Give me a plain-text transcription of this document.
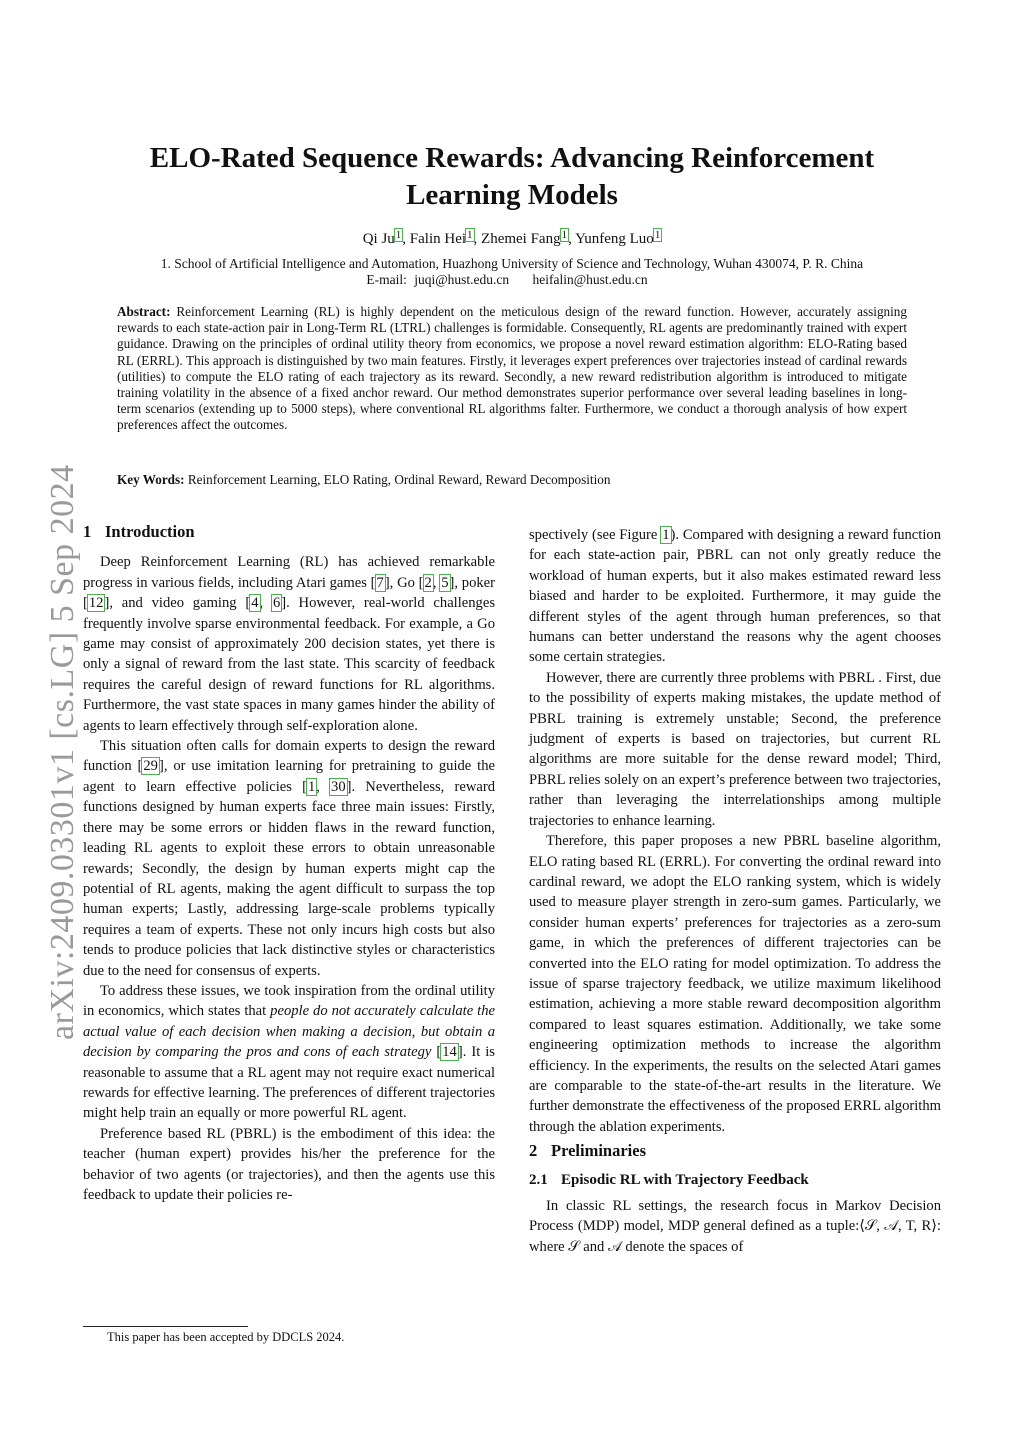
arXiv:2409.03301v1 [cs.LG] 5 Sep 2024
ELO-Rated Sequence Rewards: Advancing Reinforcement Learning Models
Qi Ju$^1$, Falin Hei$^1$, Zhemei Fang$^1$, Yunfeng Luo$^1$
1. School of Artificial Intelligence and Automation, Huazhong University of Science and Technology, Wuhan 430074, P. R. China
E-mail: juqi@hust.edu.cn heifalin@hust.edu.cn
Abstract: Reinforcement Learning (RL) is highly dependent on the meticulous design of the reward function. However, accurately assigning rewards to each state-action pair in Long-Term RL (LTRL) challenges is formidable. Consequently, RL agents are predominantly trained with expert guidance. Drawing on the principles of ordinal utility theory from economics, we propose a novel reward estimation algorithm: ELO-Rating based RL (ERRL). This approach is distinguished by two main features. Firstly, it leverages expert preferences over trajectories instead of cardinal rewards (utilities) to compute the ELO rating of each trajectory as its reward. Secondly, a new reward redistribution algorithm is introduced to mitigate training volatility in the absence of a fixed anchor reward. Our method demonstrates superior performance over several leading baselines in long-term scenarios (extending up to 5000 steps), where conventional RL algorithms falter. Furthermore, we conduct a thorough analysis of how expert preferences affect the outcomes.
Key Words: Reinforcement Learning, ELO Rating, Ordinal Reward, Reward Decomposition
1 Introduction

Deep Reinforcement Learning (RL) has achieved remarkable progress in various fields, including Atari games [7], Go [2, 5], poker [12], and video gaming [4, 6]. However, real-world challenges frequently involve sparse environmental feedback. For example, a Go game may consist of approximately 200 decision states, yet there is only a signal of reward from the last state. This scarcity of feedback requires the careful design of reward functions for RL algorithms. Furthermore, the vast state spaces in many games hinder the ability of agents to learn effectively through self-exploration alone.

This situation often calls for domain experts to design the reward function [29], or use imitation learning for pretraining to guide the agent to learn effective policies [1, 30]. Nevertheless, reward functions designed by human experts face three main issues: Firstly, there may be some errors or hidden flaws in the reward function, leading RL agents to exploit these errors to obtain unreasonable rewards; Secondly, the design by human experts might cap the potential of RL agents, making the agent difficult to surpass the top human experts; Lastly, addressing large-scale problems typically requires a team of experts. These not only incurs high costs but also tends to produce policies that lack distinctive styles or characteristics due to the need for consensus of experts.

To address these issues, we took inspiration from the ordinal utility in economics, which states that people do not accurately calculate the actual value of each decision when making a decision, but obtain a decision by comparing the pros and cons of each strategy [14]. It is reasonable to assume that a RL agent may not require exact numerical rewards for effective learning. The preferences of different trajectories might help train an equally or more powerful RL agent.

Preference based RL (PBRL) is the embodiment of this idea: the teacher (human expert) provides his/her the preference for the behavior of two agents (or trajectories), and then the agents use this feedback to update their policies re-

spectively (see Figure 1). Compared with designing a reward function for each state-action pair, PBRL can not only greatly reduce the workload of human experts, but it also makes estimated reward less biased and harder to be exploited. Furthermore, it may guide the different styles of the agent through human preferences, so that humans can better understand the reasons why the agent chooses some certain strategies.

However, there are currently three problems with PBRL . First, due to the possibility of experts making mistakes, the update method of PBRL training is extremely unstable; Second, the preference judgment of experts is based on trajectories, but current RL algorithms are more suitable for the dense reward model; Third, PBRL relies solely on an expert’s preference between two trajectories, rather than leveraging the interrelationships among multiple trajectories to enhance learning.

Therefore, this paper proposes a new PBRL baseline algorithm, ELO rating based RL (ERRL). For converting the ordinal reward into cardinal reward, we adopt the ELO ranking system, which is widely used to measure player strength in zero-sum games. Particularly, we consider human experts’ preferences for trajectories as a zero-sum game, in which the preferences of different trajectories can be converted into the ELO rating for model optimization. To address the issue of sparse trajectory feedback, we utilize maximum likelihood estimation, achieving a more stable reward decomposition algorithm compared to least squares estimation. Additionally, we take some engineering optimization methods to increase the algorithm efficiency. In the experiments, the results on the selected Atari games are comparable to the state-of-the-art results in the literature. We further demonstrate the effectiveness of the proposed ERRL algorithm through the ablation experiments.

2 Preliminaries
2.1 Episodic RL with Trajectory Feedback

In classic RL settings, the research focus in Markov Decision Process (MDP) model, MDP general defined as a tuple:⟨𝒮, 𝒜, T, R⟩: where 𝒮 and 𝒜 denote the spaces of

This paper has been accepted by DDCLS 2024.
